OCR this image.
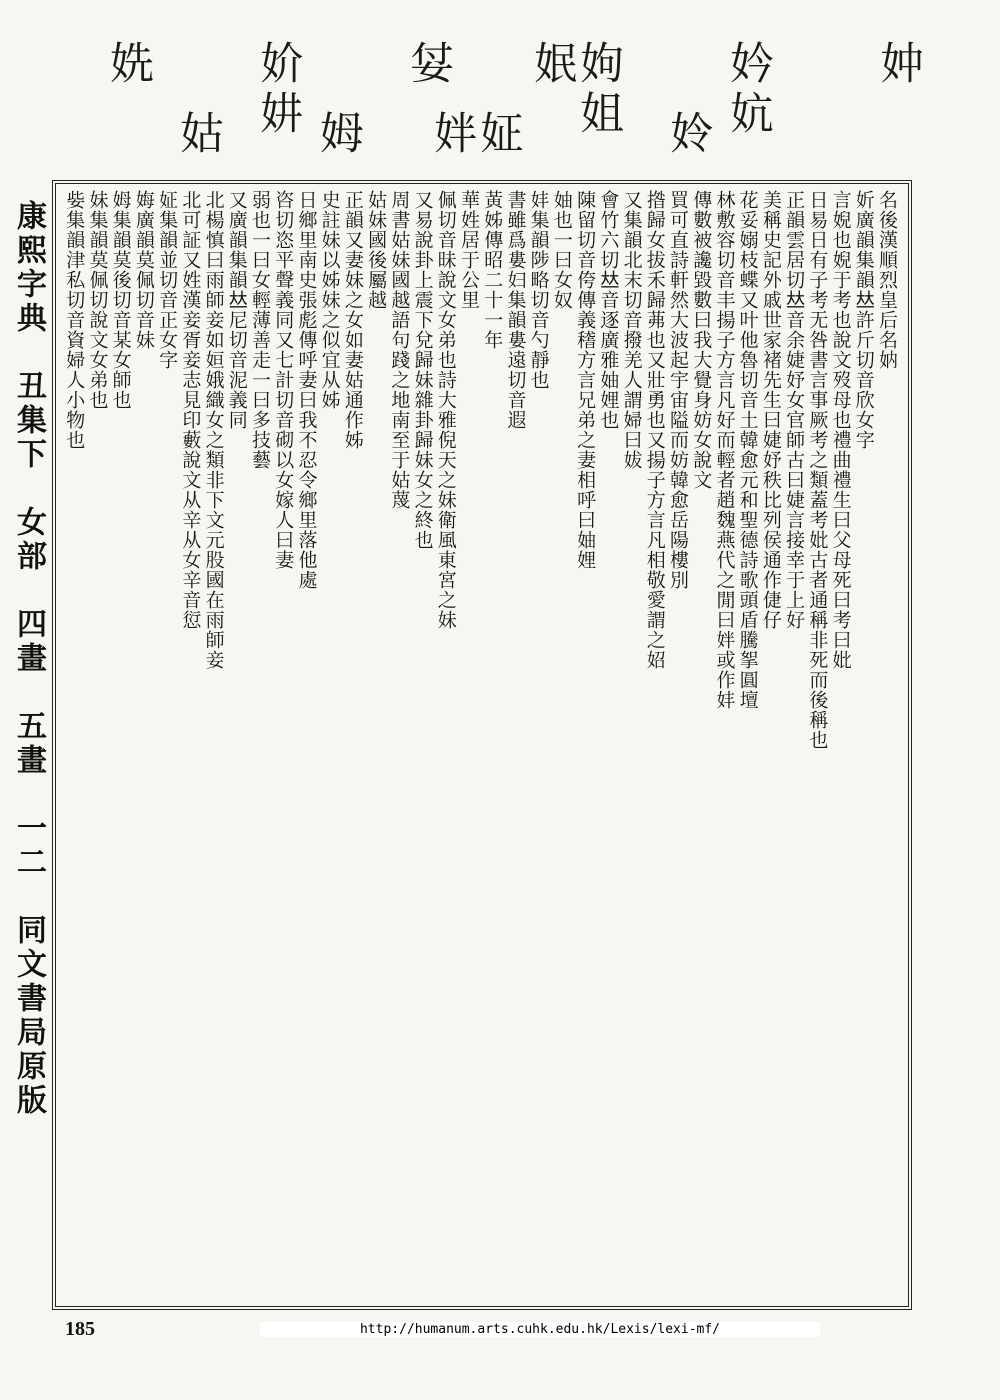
妕
妗妔
姁姐姄
姇
妎妌
姺
姈
姃姅
姆
姑
康熙字典　丑集下　女部　四畫　五畫　一二　同文書局原版	名後漢順烈皇后名妠
妡廣韻集韻𠀤許斤切音欣女字
言婗也婗于考也說文歿母也禮曲禮生曰父母死曰考曰妣
日易日有子考无咎書言事厥考之類蓋考妣古者通稱非死而後稱也
正韻雲居切𠀤音余婕妤女官師古曰婕言接幸于上好
美稱史記外戚世家褚先生曰婕妤秩比列侯通作倢仔
花妥嫋枝蝶又叶他魯切音土韓愈元和聖德詩歌頭盾騰挐圓壇
林敷容切音丰揚子方言凡好而輕者趙魏燕代之閒曰姅或作妦
傳數被讒毀數曰我大覺身妨女說文
買可直詩軒然大波起宇宙隘而妨韓愈岳陽樓別
揝歸女拔禾歸茀也又壯勇也又揚子方言凡相敬愛謂之妱
又集韻北末切音撥羌人謂婦曰妭
會竹六切𠀤音逐廣雅妯娌也
陳留切音侉傳義𥡴方言兄弟之妻相呼曰妯娌
妯也一曰女奴
妦集韻陟略切音勺靜也
書雖爲婁妇集韻婁遠切音遐
黃姊傳昭二十一年
華姓居于公里
佩切音昧說文女弟也詩大雅倪天之妹衛風東宮之妹
又易說卦上震下兌歸妹雜卦歸妹女之終也
周書姑妹國越語句踐之地南至于姑蔑
姑妹國後屬越
正韻又妻妹之女如妻姑通作姊
史註妹以姊妹之似宜从姊
日鄉里南史張彪傳呼妻曰我不忍令鄉里落他處
咨切恣平聲義同又七計切音砌以女嫁人曰妻
弱也一曰女輕薄善走一曰多技藝
又廣韻集韻𠀤尼切音泥義同
北楊慎曰雨師妾如姮娥織女之類非下文元股國在雨師妾
北可証又姓漢妾胥妾志見印藪說文从辛从女辛音愆
姃集韻並切音正女字
娒廣韻莫佩切音妹
姆集韻莫後切音某女師也
妹集韻莫佩切說文女弟也
姕集韻津私切音資婦人小物也
185	http://humanum.arts.cuhk.edu.hk/Lexis/lexi-mf/
